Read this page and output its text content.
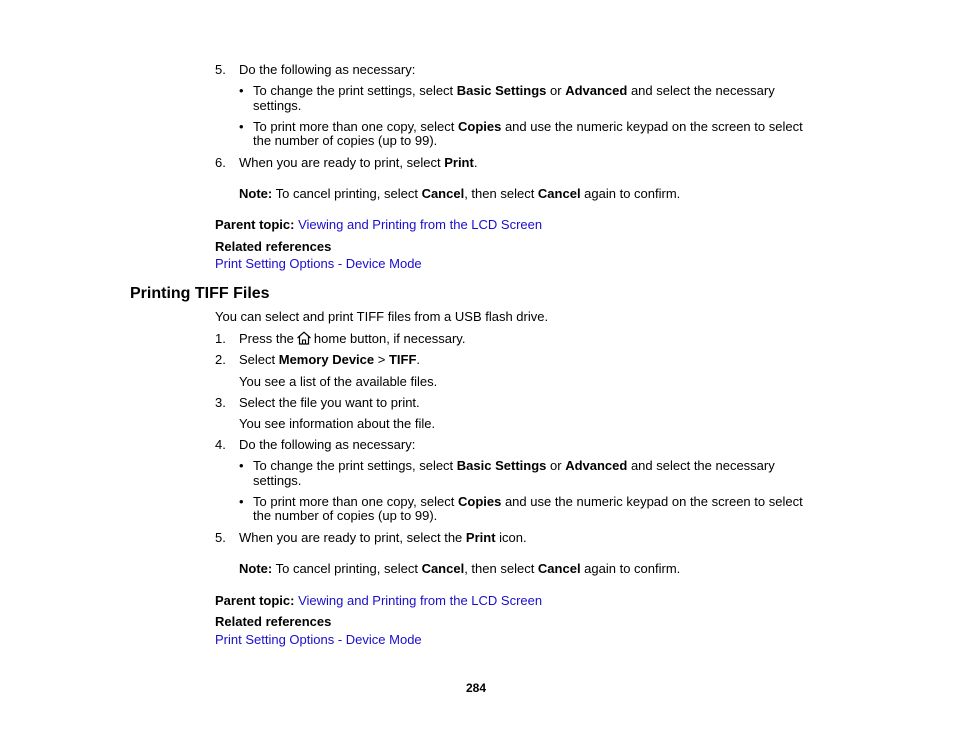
5. Do the following as necessary:
• To change the print settings, select Basic Settings or Advanced and select the necessary
settings.
• To print more than one copy, select Copies and use the numeric keypad on the screen to select
the number of copies (up to 99).
6. When you are ready to print, select Print.
Note: To cancel printing, select Cancel, then select Cancel again to confirm.
Parent topic: Viewing and Printing from the LCD Screen
Related references
Print Setting Options - Device Mode
Printing TIFF Files
You can select and print TIFF files from a USB flash drive.
1. Press the home button, if necessary.
2. Select Memory Device > TIFF.
You see a list of the available files.
3. Select the file you want to print.
You see information about the file.
4. Do the following as necessary:
• To change the print settings, select Basic Settings or Advanced and select the necessary
settings.
• To print more than one copy, select Copies and use the numeric keypad on the screen to select
the number of copies (up to 99).
5. When you are ready to print, select the Print icon.
Note: To cancel printing, select Cancel, then select Cancel again to confirm.
Parent topic: Viewing and Printing from the LCD Screen
Related references
Print Setting Options - Device Mode
284
